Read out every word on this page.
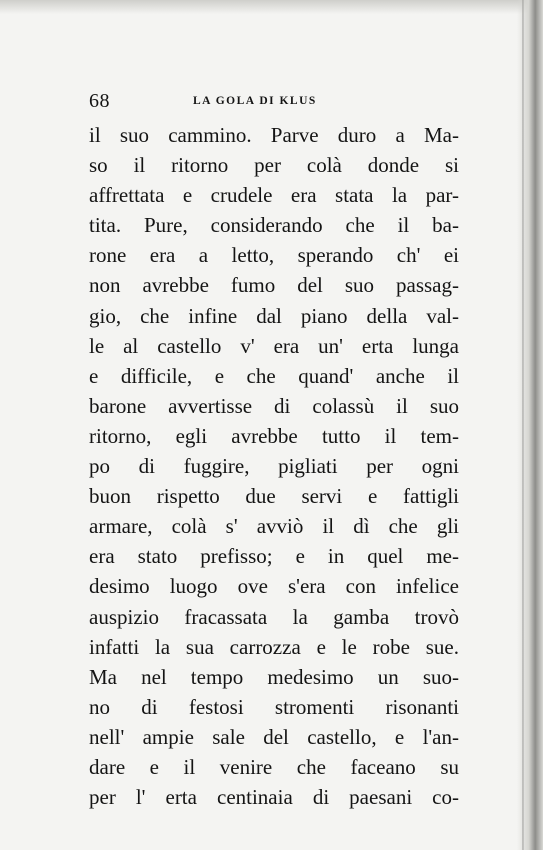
68	LA GOLA DI KLUS
il suo cammino. Parve duro a Ma-
so il ritorno per colà donde si
affrettata e crudele era stata la par-
tita. Pure, considerando che il ba-
rone era a letto, sperando ch' ei
non avrebbe fumo del suo passag-
gio, che infine dal piano della val-
le al castello v' era un' erta lunga
e difficile, e che quand' anche il
barone avvertisse di colassù il suo
ritorno, egli avrebbe tutto il tem-
po di fuggire, pigliati per ogni
buon rispetto due servi e fattigli
armare, colà s' avviò il dì che gli
era stato prefisso; e in quel me-
desimo luogo ove s'era con infelice
auspizio fracassata la gamba trovò
infatti la sua carrozza e le robe sue.
Ma nel tempo medesimo un suo-
no di festosi stromenti risonanti
nell' ampie sale del castello, e l'an-
dare e il venire che faceano su
per l' erta centinaia di paesani co-
